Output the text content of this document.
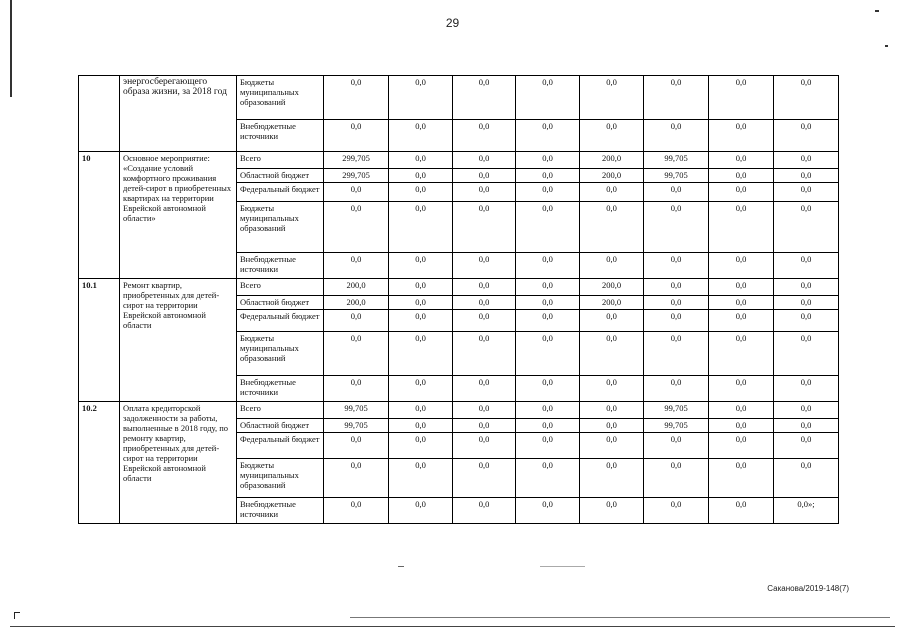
29
	энергосберегающего образа жизни, за 2018 год	Бюджеты муниципальных образований	0,0	0,0	0,0	0,0	0,0	0,0	0,0	0,0
		Внебюджетные источники	0,0	0,0	0,0	0,0	0,0	0,0	0,0	0,0
10	Основное мероприятие: «Создание условий комфортного проживания детей-сирот в приобретенных квартирах на территории Еврейской автономной области»	Всего	299,705	0,0	0,0	0,0	200,0	99,705	0,0	0,0
		Областной бюджет	299,705	0,0	0,0	0,0	200,0	99,705	0,0	0,0
		Федеральный бюджет	0,0	0,0	0,0	0,0	0,0	0,0	0,0	0,0
		Бюджеты муниципальных образований	0,0	0,0	0,0	0,0	0,0	0,0	0,0	0,0
		Внебюджетные источники	0,0	0,0	0,0	0,0	0,0	0,0	0,0	0,0
10.1	Ремонт квартир, приобретенных для детей-сирот на территории Еврейской автономной области	Всего	200,0	0,0	0,0	0,0	200,0	0,0	0,0	0,0
		Областной бюджет	200,0	0,0	0,0	0,0	200,0	0,0	0,0	0,0
		Федеральный бюджет	0,0	0,0	0,0	0,0	0,0	0,0	0,0	0,0
		Бюджеты муниципальных образований	0,0	0,0	0,0	0,0	0,0	0,0	0,0	0,0
		Внебюджетные источники	0,0	0,0	0,0	0,0	0,0	0,0	0,0	0,0
10.2	Оплата кредиторской задолженности за работы, выполненные в 2018 году, по ремонту квартир, приобретенных для детей-сирот на территории Еврейской автономной области	Всего	99,705	0,0	0,0	0,0	0,0	99,705	0,0	0,0
		Областной бюджет	99,705	0,0	0,0	0,0	0,0	99,705	0,0	0,0
		Федеральный бюджет	0,0	0,0	0,0	0,0	0,0	0,0	0,0	0,0
		Бюджеты муниципальных образований	0,0	0,0	0,0	0,0	0,0	0,0	0,0	0,0
		Внебюджетные источники	0,0	0,0	0,0	0,0	0,0	0,0	0,0	0,0»;
Саканова/2019-148(7)
